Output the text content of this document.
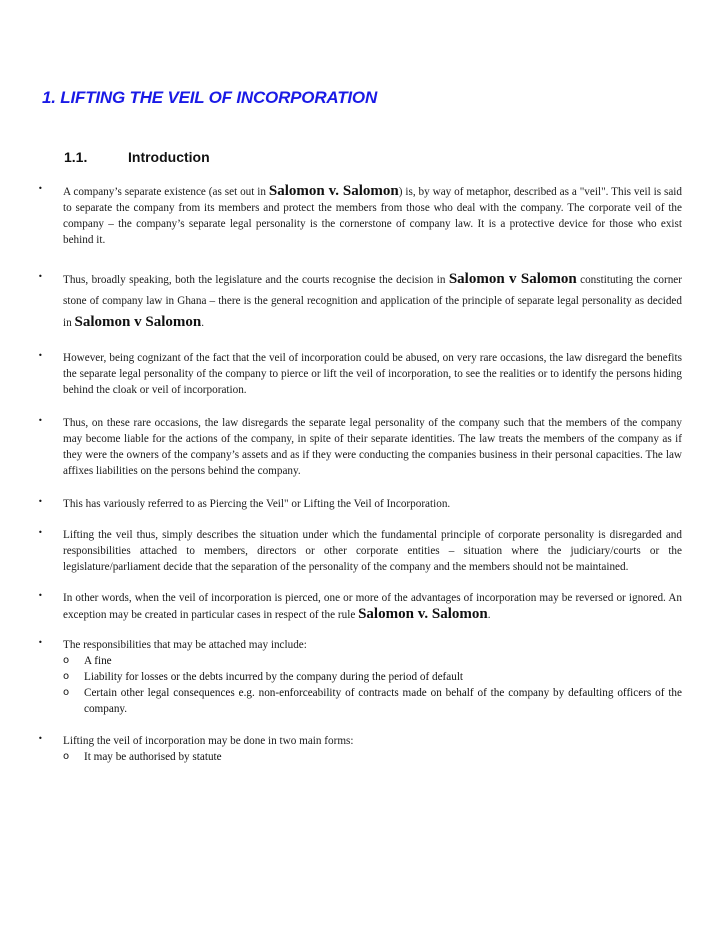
1. LIFTING THE VEIL OF INCORPORATION
1.1.	Introduction
• A company’s separate existence (as set out in Salomon v. Salomon) is, by way of metaphor, described as a "veil". This veil is said to separate the company from its members and protect the members from those who deal with the company. The corporate veil of the company – the company’s separate legal personality is the cornerstone of company law. It is a protective device for those who exist behind it.
• Thus, broadly speaking, both the legislature and the courts recognise the decision in Salomon v Salomon constituting the corner stone of company law in Ghana – there is the general recognition and application of the principle of separate legal personality as decided in Salomon v Salomon.
• However, being cognizant of the fact that the veil of incorporation could be abused, on very rare occasions, the law disregard the benefits the separate legal personality of the company to pierce or lift the veil of incorporation, to see the realities or to identify the persons hiding behind the cloak or veil of incorporation.
• Thus, on these rare occasions, the law disregards the separate legal personality of the company such that the members of the company may become liable for the actions of the company, in spite of their separate identities. The law treats the members of the company as if they were the owners of the company’s assets and as if they were conducting the companies business in their personal capacities. The law affixes liabilities on the persons behind the company.
• This has variously referred to as Piercing the Veil" or Lifting the Veil of Incorporation.
• Lifting the veil thus, simply describes the situation under which the fundamental principle of corporate personality is disregarded and responsibilities attached to members, directors or other corporate entities – situation where the judiciary/courts or the legislature/parliament decide that the separation of the personality of the company and the members should not be maintained.
• In other words, when the veil of incorporation is pierced, one or more of the advantages of incorporation may be reversed or ignored. An exception may be created in particular cases in respect of the rule Salomon v. Salomon.
• The responsibilities that may be attached may include:
o A fine
o Liability for losses or the debts incurred by the company during the period of default
o Certain other legal consequences e.g. non-enforceability of contracts made on behalf of the company by defaulting officers of the company.
• Lifting the veil of incorporation may be done in two main forms:
o It may be authorised by statute
